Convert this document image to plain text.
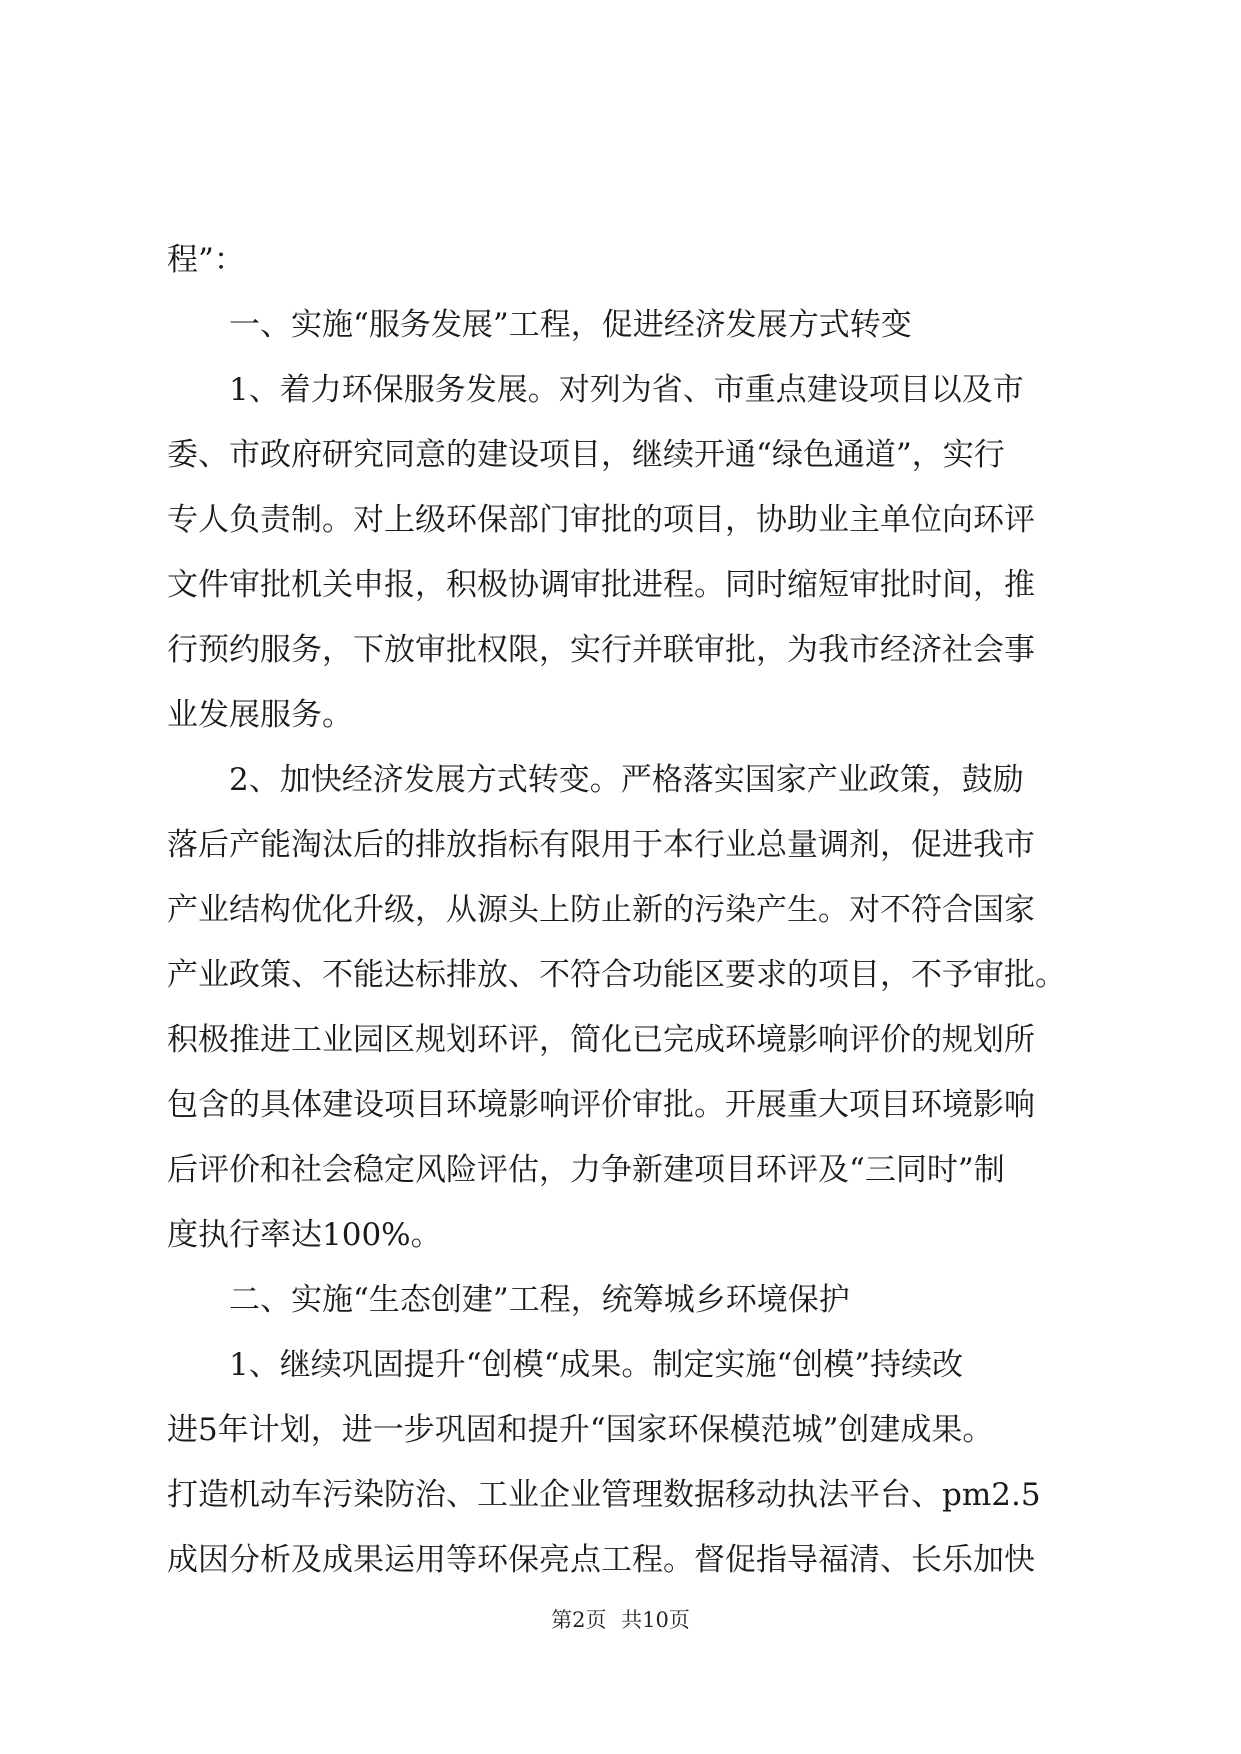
程”：
　　一、实施“服务发展”工程，促进经济发展方式转变
　　1、着力环保服务发展。对列为省、市重点建设项目以及市
委、市政府研究同意的建设项目，继续开通“绿色通道”，实行
专人负责制。对上级环保部门审批的项目，协助业主单位向环评
文件审批机关申报，积极协调审批进程。同时缩短审批时间，推
行预约服务，下放审批权限，实行并联审批，为我市经济社会事
业发展服务。
　　2、加快经济发展方式转变。严格落实国家产业政策，鼓励
落后产能淘汰后的排放指标有限用于本行业总量调剂，促进我市
产业结构优化升级，从源头上防止新的污染产生。对不符合国家
产业政策、不能达标排放、不符合功能区要求的项目，不予审批。
积极推进工业园区规划环评，简化已完成环境影响评价的规划所
包含的具体建设项目环境影响评价审批。开展重大项目环境影响
后评价和社会稳定风险评估，力争新建项目环评及“三同时”制
度执行率达100%。
　　二、实施“生态创建”工程，统筹城乡环境保护
　　1、继续巩固提升“创模“成果。制定实施“创模”持续改
进5年计划，进一步巩固和提升“国家环保模范城”创建成果。
打造机动车污染防治、工业企业管理数据移动执法平台、pm2.5
成因分析及成果运用等环保亮点工程。督促指导福清、长乐加快
第2页 共10页
